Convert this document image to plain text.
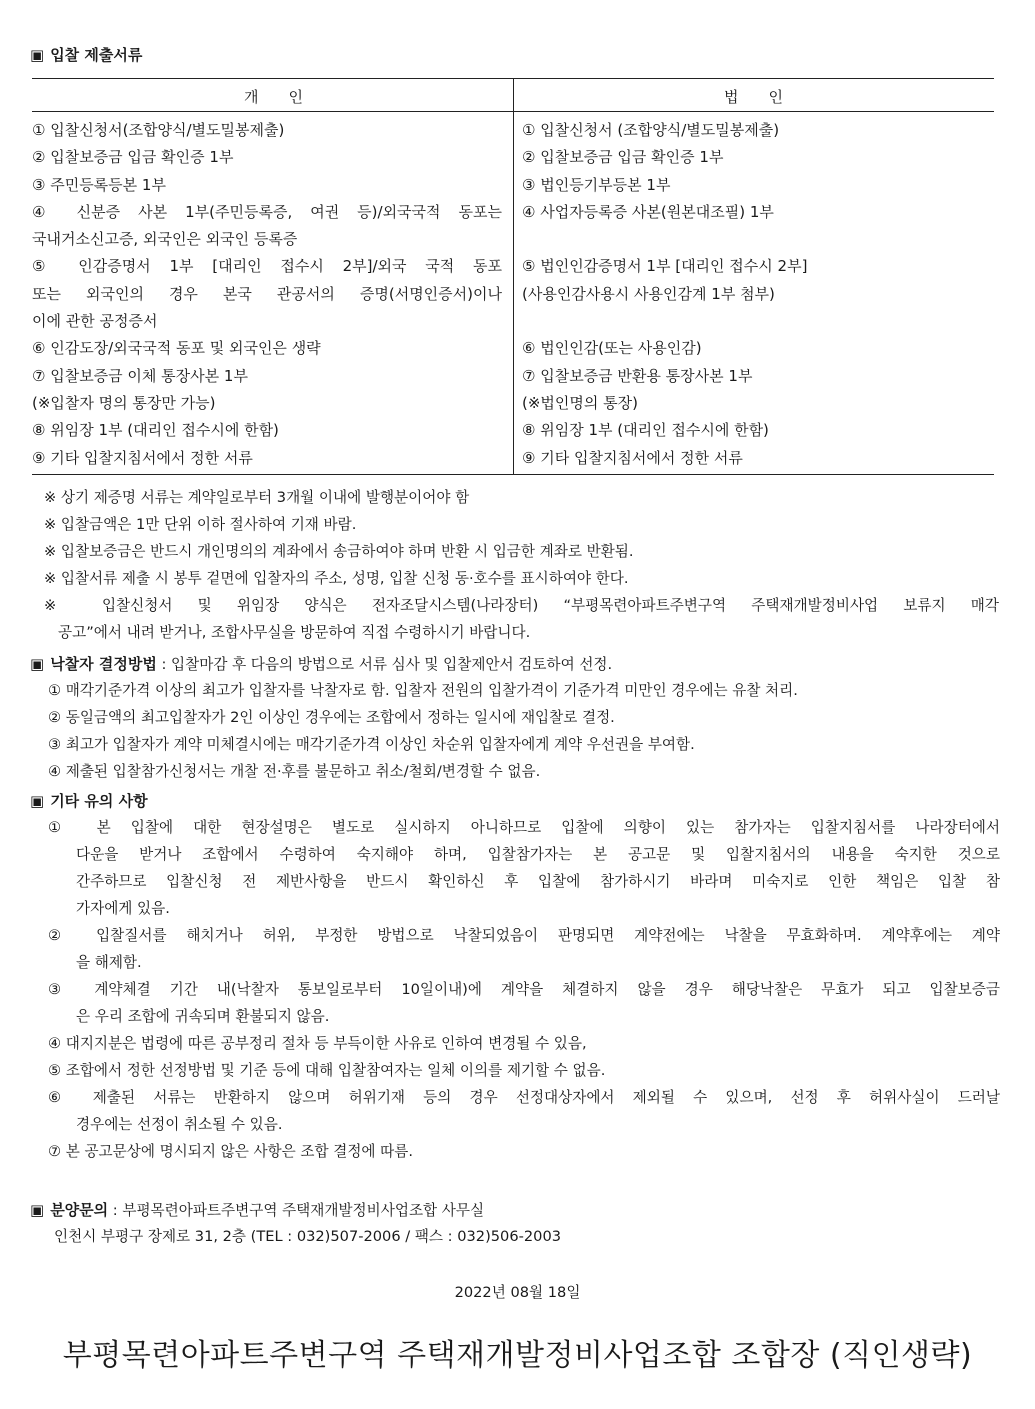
▣ 입찰 제출서류
개　　인	법　　인
① 입찰신청서(조합양식/별도밀봉제출)
② 입찰보증금 입금 확인증 1부
③ 주민등록등본 1부
④ 신분증 사본 1부(주민등록증, 여권 등)/외국국적 동포는
국내거소신고증, 외국인은 외국인 등록증
⑤ 인감증명서 1부 [대리인 접수시 2부]/외국 국적 동포
또는 외국인의 경우 본국 관공서의 증명(서명인증서)이나
이에 관한 공정증서
⑥ 인감도장/외국국적 동포 및 외국인은 생략
⑦ 입찰보증금 이체 통장사본 1부
(※입찰자 명의 통장만 가능)
⑧ 위임장 1부 (대리인 접수시에 한함)
⑨ 기타 입찰지침서에서 정한 서류
① 입찰신청서 (조합양식/별도밀봉제출)
② 입찰보증금 입금 확인증 1부
③ 법인등기부등본 1부
④ 사업자등록증 사본(원본대조필) 1부
⑤ 법인인감증명서 1부 [대리인 접수시 2부]
(사용인감사용시 사용인감계 1부 첨부)
⑥ 법인인감(또는 사용인감)
⑦ 입찰보증금 반환용 통장사본 1부
(※법인명의 통장)
⑧ 위임장 1부 (대리인 접수시에 한함)
⑨ 기타 입찰지침서에서 정한 서류
※ 상기 제증명 서류는 계약일로부터 3개월 이내에 발행분이어야 함
※ 입찰금액은 1만 단위 이하 절사하여 기재 바람.
※ 입찰보증금은 반드시 개인명의의 계좌에서 송금하여야 하며 반환 시 입금한 계좌로 반환됨.
※ 입찰서류 제출 시 봉투 겉면에 입찰자의 주소, 성명, 입찰 신청 동·호수를 표시하여야 한다.
※ 입찰신청서 및 위임장 양식은 전자조달시스템(나라장터) “부평목련아파트주변구역 주택재개발정비사업 보류지 매각
공고”에서 내려 받거나, 조합사무실을 방문하여 직접 수령하시기 바랍니다.
▣ 낙찰자 결정방법 : 입찰마감 후 다음의 방법으로 서류 심사 및 입찰제안서 검토하여 선정.
① 매각기준가격 이상의 최고가 입찰자를 낙찰자로 함. 입찰자 전원의 입찰가격이 기준가격 미만인 경우에는 유찰 처리.
② 동일금액의 최고입찰자가 2인 이상인 경우에는 조합에서 정하는 일시에 재입찰로 결정.
③ 최고가 입찰자가 계약 미체결시에는 매각기준가격 이상인 차순위 입찰자에게 계약 우선권을 부여함.
④ 제출된 입찰참가신청서는 개찰 전·후를 불문하고 취소/철회/변경할 수 없음.
▣ 기타 유의 사항
① 본 입찰에 대한 현장설명은 별도로 실시하지 아니하므로 입찰에 의향이 있는 참가자는 입찰지침서를 나라장터에서
다운을 받거나 조합에서 수령하여 숙지해야 하며, 입찰참가자는 본 공고문 및 입찰지침서의 내용을 숙지한 것으로
간주하므로 입찰신청 전 제반사항을 반드시 확인하신 후 입찰에 참가하시기 바라며 미숙지로 인한 책임은 입찰 참
가자에게 있음.
② 입찰질서를 해치거나 허위, 부정한 방법으로 낙찰되었음이 판명되면 계약전에는 낙찰을 무효화하며. 계약후에는 계약
을 해제함.
③ 계약체결 기간 내(낙찰자 통보일로부터 10일이내)에 계약을 체결하지 않을 경우 해당낙찰은 무효가 되고 입찰보증금
은 우리 조합에 귀속되며 환불되지 않음.
④ 대지지분은 법령에 따른 공부정리 절차 등 부득이한 사유로 인하여 변경될 수 있음,
⑤ 조합에서 정한 선정방법 및 기준 등에 대해 입찰참여자는 일체 이의를 제기할 수 없음.
⑥ 제출된 서류는 반환하지 않으며 허위기재 등의 경우 선정대상자에서 제외될 수 있으며, 선정 후 허위사실이 드러날
경우에는 선정이 취소될 수 있음.
⑦ 본 공고문상에 명시되지 않은 사항은 조합 결정에 따름.
▣ 분양문의 : 부평목련아파트주변구역 주택재개발정비사업조합 사무실
인천시 부평구 장제로 31, 2층 (TEL : 032)507-2006 / 팩스 : 032)506-2003
2022년 08월 18일
부평목련아파트주변구역 주택재개발정비사업조합 조합장 (직인생략)
